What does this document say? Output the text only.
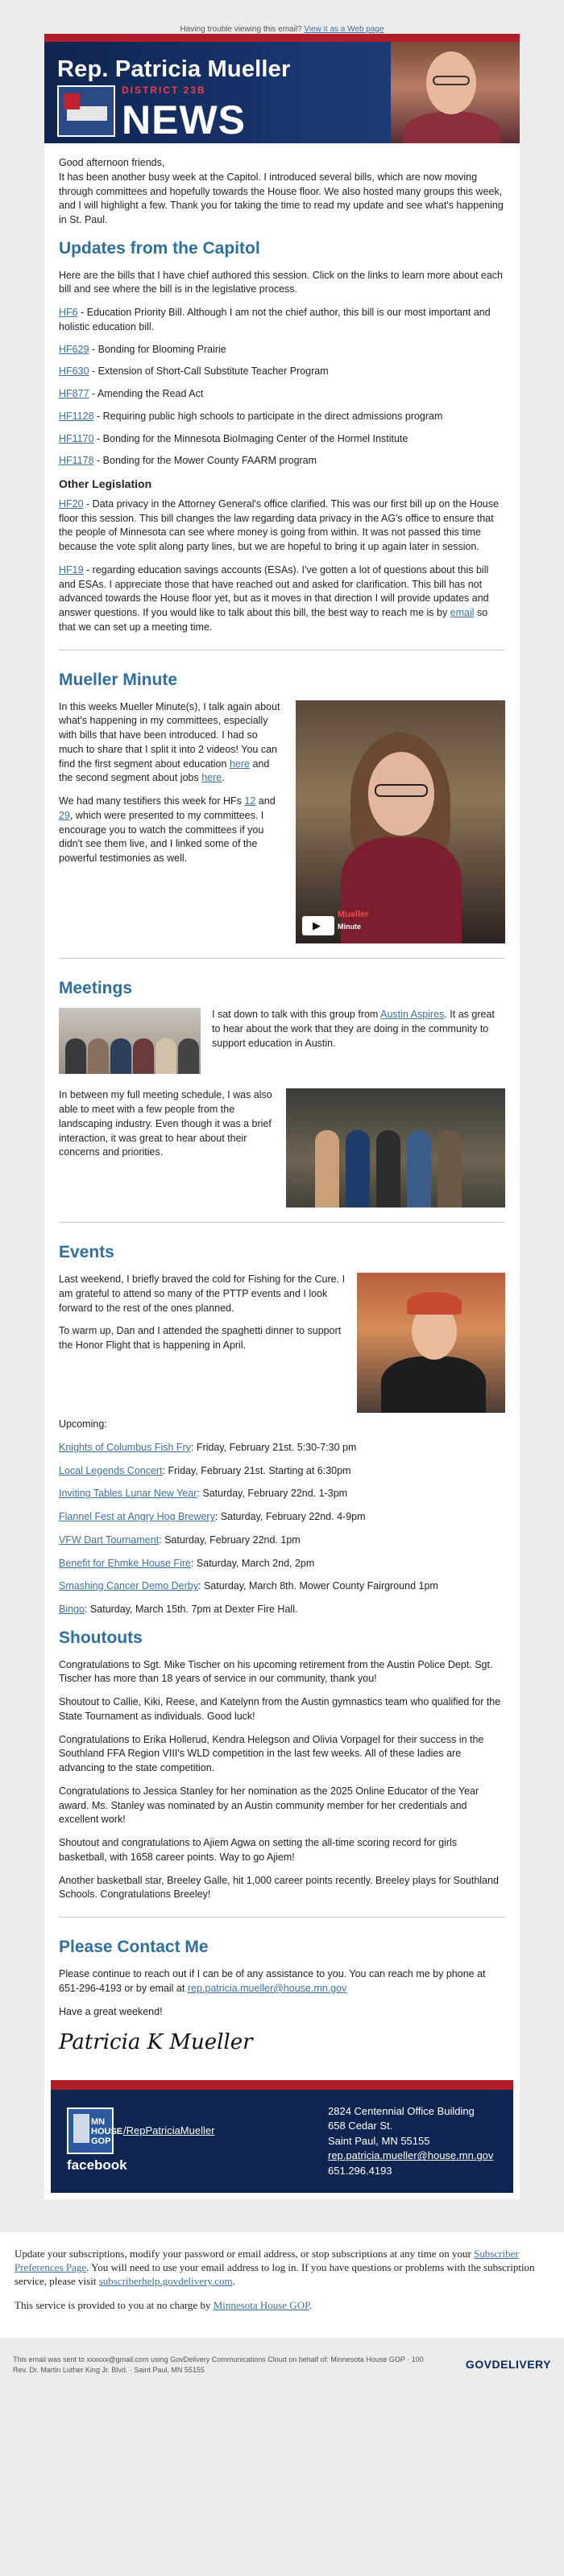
Having trouble viewing this email? View it as a Web page
Rep. Patricia Mueller
DISTRICT 23B
NEWS

Good afternoon friends,
It has been another busy week at the Capitol. I introduced several bills, which are now moving through committees and hopefully towards the House floor. We also hosted many groups this week, and I will highlight a few. Thank you for taking the time to read my update and see what's happening in St. Paul.

Updates from the Capitol

Here are the bills that I have chief authored this session. Click on the links to learn more about each bill and see where the bill is in the legislative process.

HF6 - Education Priority Bill. Although I am not the chief author, this bill is our most important and holistic education bill.

HF629 - Bonding for Blooming Prairie

HF630 - Extension of Short-Call Substitute Teacher Program

HF877 - Amending the Read Act

HF1128 - Requiring public high schools to participate in the direct admissions program

HF1170 - Bonding for the Minnesota BioImaging Center of the Hormel Institute

HF1178 - Bonding for the Mower County FAARM program

Other Legislation

HF20 - Data privacy in the Attorney General's office clarified. This was our first bill up on the House floor this session. This bill changes the law regarding data privacy in the AG's office to ensure that the people of Minnesota can see where money is going from within. It was not passed this time because the vote split along party lines, but we are hopeful to bring it up again later in session.

HF19 - regarding education savings accounts (ESAs). I've gotten a lot of questions about this bill and ESAs. I appreciate those that have reached out and asked for clarification. This bill has not advanced towards the House floor yet, but as it moves in that direction I will provide updates and answer questions. If you would like to talk about this bill, the best way to reach me is by email so that we can set up a meeting time.

Mueller Minute

In this weeks Mueller Minute(s), I talk again about what's happening in my committees, especially with bills that have been introduced. I had so much to share that I split it into 2 videos! You can find the first segment about education here and the second segment about jobs here.

We had many testifiers this week for HFs 12 and 29, which were presented to my committees. I encourage you to watch the committees if you didn't see them live, and I linked some of the powerful testimonies as well.

▶
Mueller
Minute
Meetings

I sat down to talk with this group from Austin Aspires. It as great to hear about the work that they are doing in the community to support education in Austin.

In between my full meeting schedule, I was also able to meet with a few people from the landscaping industry. Even though it was a brief interaction, it was great to hear about their concerns and priorities.

Events

Last weekend, I briefly braved the cold for Fishing for the Cure. I am grateful to attend so many of the PTTP events and I look forward to the rest of the ones planned.

To warm up, Dan and I attended the spaghetti dinner to support the Honor Flight that is happening in April.

Upcoming:

Knights of Columbus Fish Fry: Friday, February 21st. 5:30-7:30 pm

Local Legends Concert: Friday, February 21st. Starting at 6:30pm

Inviting Tables Lunar New Year: Saturday, February 22nd. 1-3pm

Flannel Fest at Angry Hog Brewery: Saturday, February 22nd. 4-9pm

VFW Dart Tournament: Saturday, February 22nd. 1pm

Benefit for Ehmke House Fire: Saturday, March 2nd, 2pm

Smashing Cancer Demo Derby: Saturday, March 8th. Mower County Fairground 1pm

Bingo: Saturday, March 15th. 7pm at Dexter Fire Hall.

Shoutouts

Congratulations to Sgt. Mike Tischer on his upcoming retirement from the Austin Police Dept. Sgt. Tischer has more than 18 years of service in our community, thank you!

Shoutout to Callie, Kiki, Reese, and Katelynn from the Austin gymnastics team who qualified for the State Tournament as individuals. Good luck!

Congratulations to Erika Hollerud, Kendra Helegson and Olivia Vorpagel for their success in the Southland FFA Region VIII's WLD competition in the last few weeks. All of these ladies are advancing to the state competition.

Congratulations to Jessica Stanley for her nomination as the 2025 Online Educator of the Year award. Ms. Stanley was nominated by an Austin community member for her credentials and excellent work!

Shoutout and congratulations to Ajiem Agwa on setting the all-time scoring record for girls basketball, with 1658 career points. Way to go Ajiem!

Another basketball star, Breeley Galle, hit 1,000 career points recently. Breeley plays for Southland Schools. Congratulations Breeley!

Please Contact Me

Please continue to reach out if I can be of any assistance to you. You can reach me by phone at 651-296-4193 or by email at rep.patricia.mueller@house.mn.gov

Have a great weekend!

Patricia K Mueller
MN
HOUSE
GOP
/RepPatriciaMueller
facebook
2824 Centennial Office Building
658 Cedar St.
Saint Paul, MN 55155
rep.patricia.mueller@house.mn.gov
651.296.4193

Update your subscriptions, modify your password or email address, or stop subscriptions at any time on your Subscriber Preferences Page. You will need to use your email address to log in. If you have questions or problems with the subscription service, please visit subscriberhelp.govdelivery.com.

This service is provided to you at no charge by Minnesota House GOP.

This email was sent to xxxxxx@gmail.com using GovDelivery Communications Cloud on behalf of: Minnesota House GOP · 100
Rev. Dr. Martin Luther King Jr. Blvd. · Saint Paul, MN 55155	GOVDELIVERY
